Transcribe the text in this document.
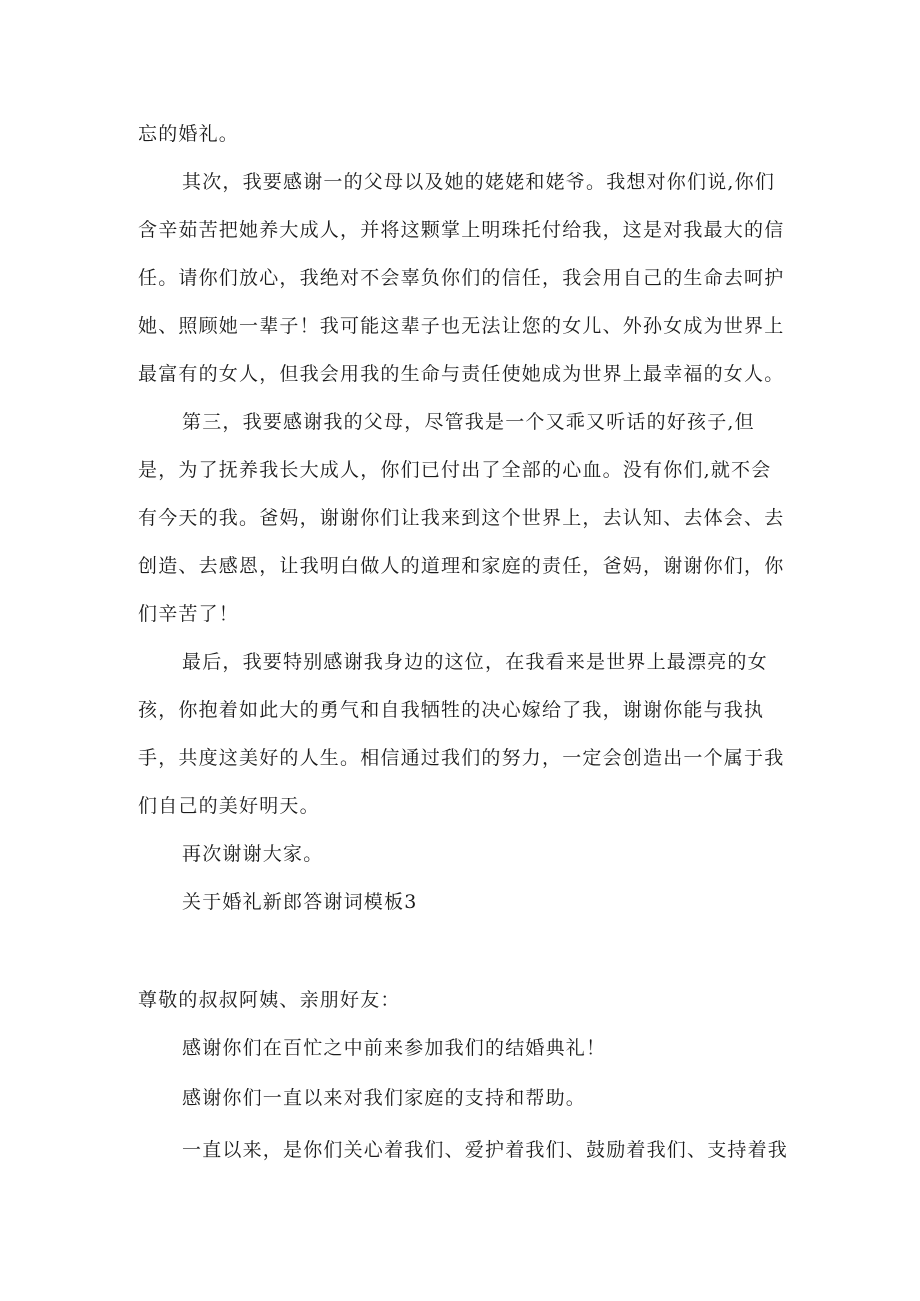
忘的婚礼。
其次，我要感谢一的父母以及她的姥姥和姥爷。我想对你们说,你们
含辛茹苦把她养大成人，并将这颗掌上明珠托付给我，这是对我最大的信
任。请你们放心，我绝对不会辜负你们的信任，我会用自己的生命去呵护
她、照顾她一辈子！我可能这辈子也无法让您的女儿、外孙女成为世界上
最富有的女人，但我会用我的生命与责任使她成为世界上最幸福的女人。
第三，我要感谢我的父母，尽管我是一个又乖又听话的好孩子,但
是，为了抚养我长大成人，你们已付出了全部的心血。没有你们,就不会
有今天的我。爸妈，谢谢你们让我来到这个世界上，去认知、去体会、去
创造、去感恩，让我明白做人的道理和家庭的责任，爸妈，谢谢你们，你
们辛苦了！
最后，我要特别感谢我身边的这位，在我看来是世界上最漂亮的女
孩，你抱着如此大的勇气和自我牺牲的决心嫁给了我，谢谢你能与我执
手，共度这美好的人生。相信通过我们的努力，一定会创造出一个属于我
们自己的美好明天。
再次谢谢大家。
关于婚礼新郎答谢词模板3
尊敬的叔叔阿姨、亲朋好友：
感谢你们在百忙之中前来参加我们的结婚典礼！
感谢你们一直以来对我们家庭的支持和帮助。
一直以来，是你们关心着我们、爱护着我们、鼓励着我们、支持着我
